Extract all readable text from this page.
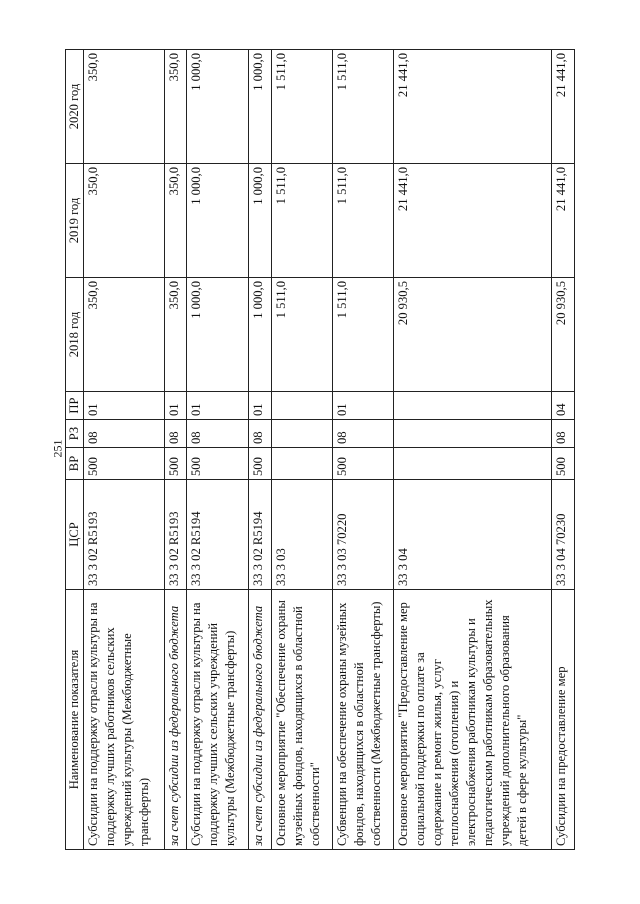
251
Наименование показателя	ЦСР	ВР	РЗ	ПР	2018 год	2019 год	2020 год
Субсидии на поддержку отрасли культуры на поддержку лучших работников сельских учреждений культуры (Межбюджетные трансферты)	33 3 02 R5193	500	08	01	350,0	350,0	350,0
за счет субсидии из федерального бюджета	33 3 02 R5193	500	08	01	350,0	350,0	350,0
Субсидии на поддержку отрасли культуры на поддержку лучших сельских учреждений культуры (Межбюджетные трансферты)	33 3 02 R5194	500	08	01	1 000,0	1 000,0	1 000,0
за счет субсидии из федерального бюджета	33 3 02 R5194	500	08	01	1 000,0	1 000,0	1 000,0
Основное мероприятие "Обеспечение охраны музейных фондов, находящихся в областной собственности"	33 3 03				1 511,0	1 511,0	1 511,0
Субвенции на обеспечение охраны музейных фондов, находящихся в областной собственности (Межбюджетные трансферты)	33 3 03 70220	500	08	01	1 511,0	1 511,0	1 511,0
Основное мероприятие "Предоставление мер социальной поддержки по оплате за содержание и ремонт жилья, услуг теплоснабжения (отопления) и электроснабжения работникам культуры и педагогическим работникам образовательных учреждений дополнительного образования детей в сфере культуры"	33 3 04				20 930,5	21 441,0	21 441,0
Субсидии на предоставление мер	33 3 04 70230	500	08	04	20 930,5	21 441,0	21 441,0
